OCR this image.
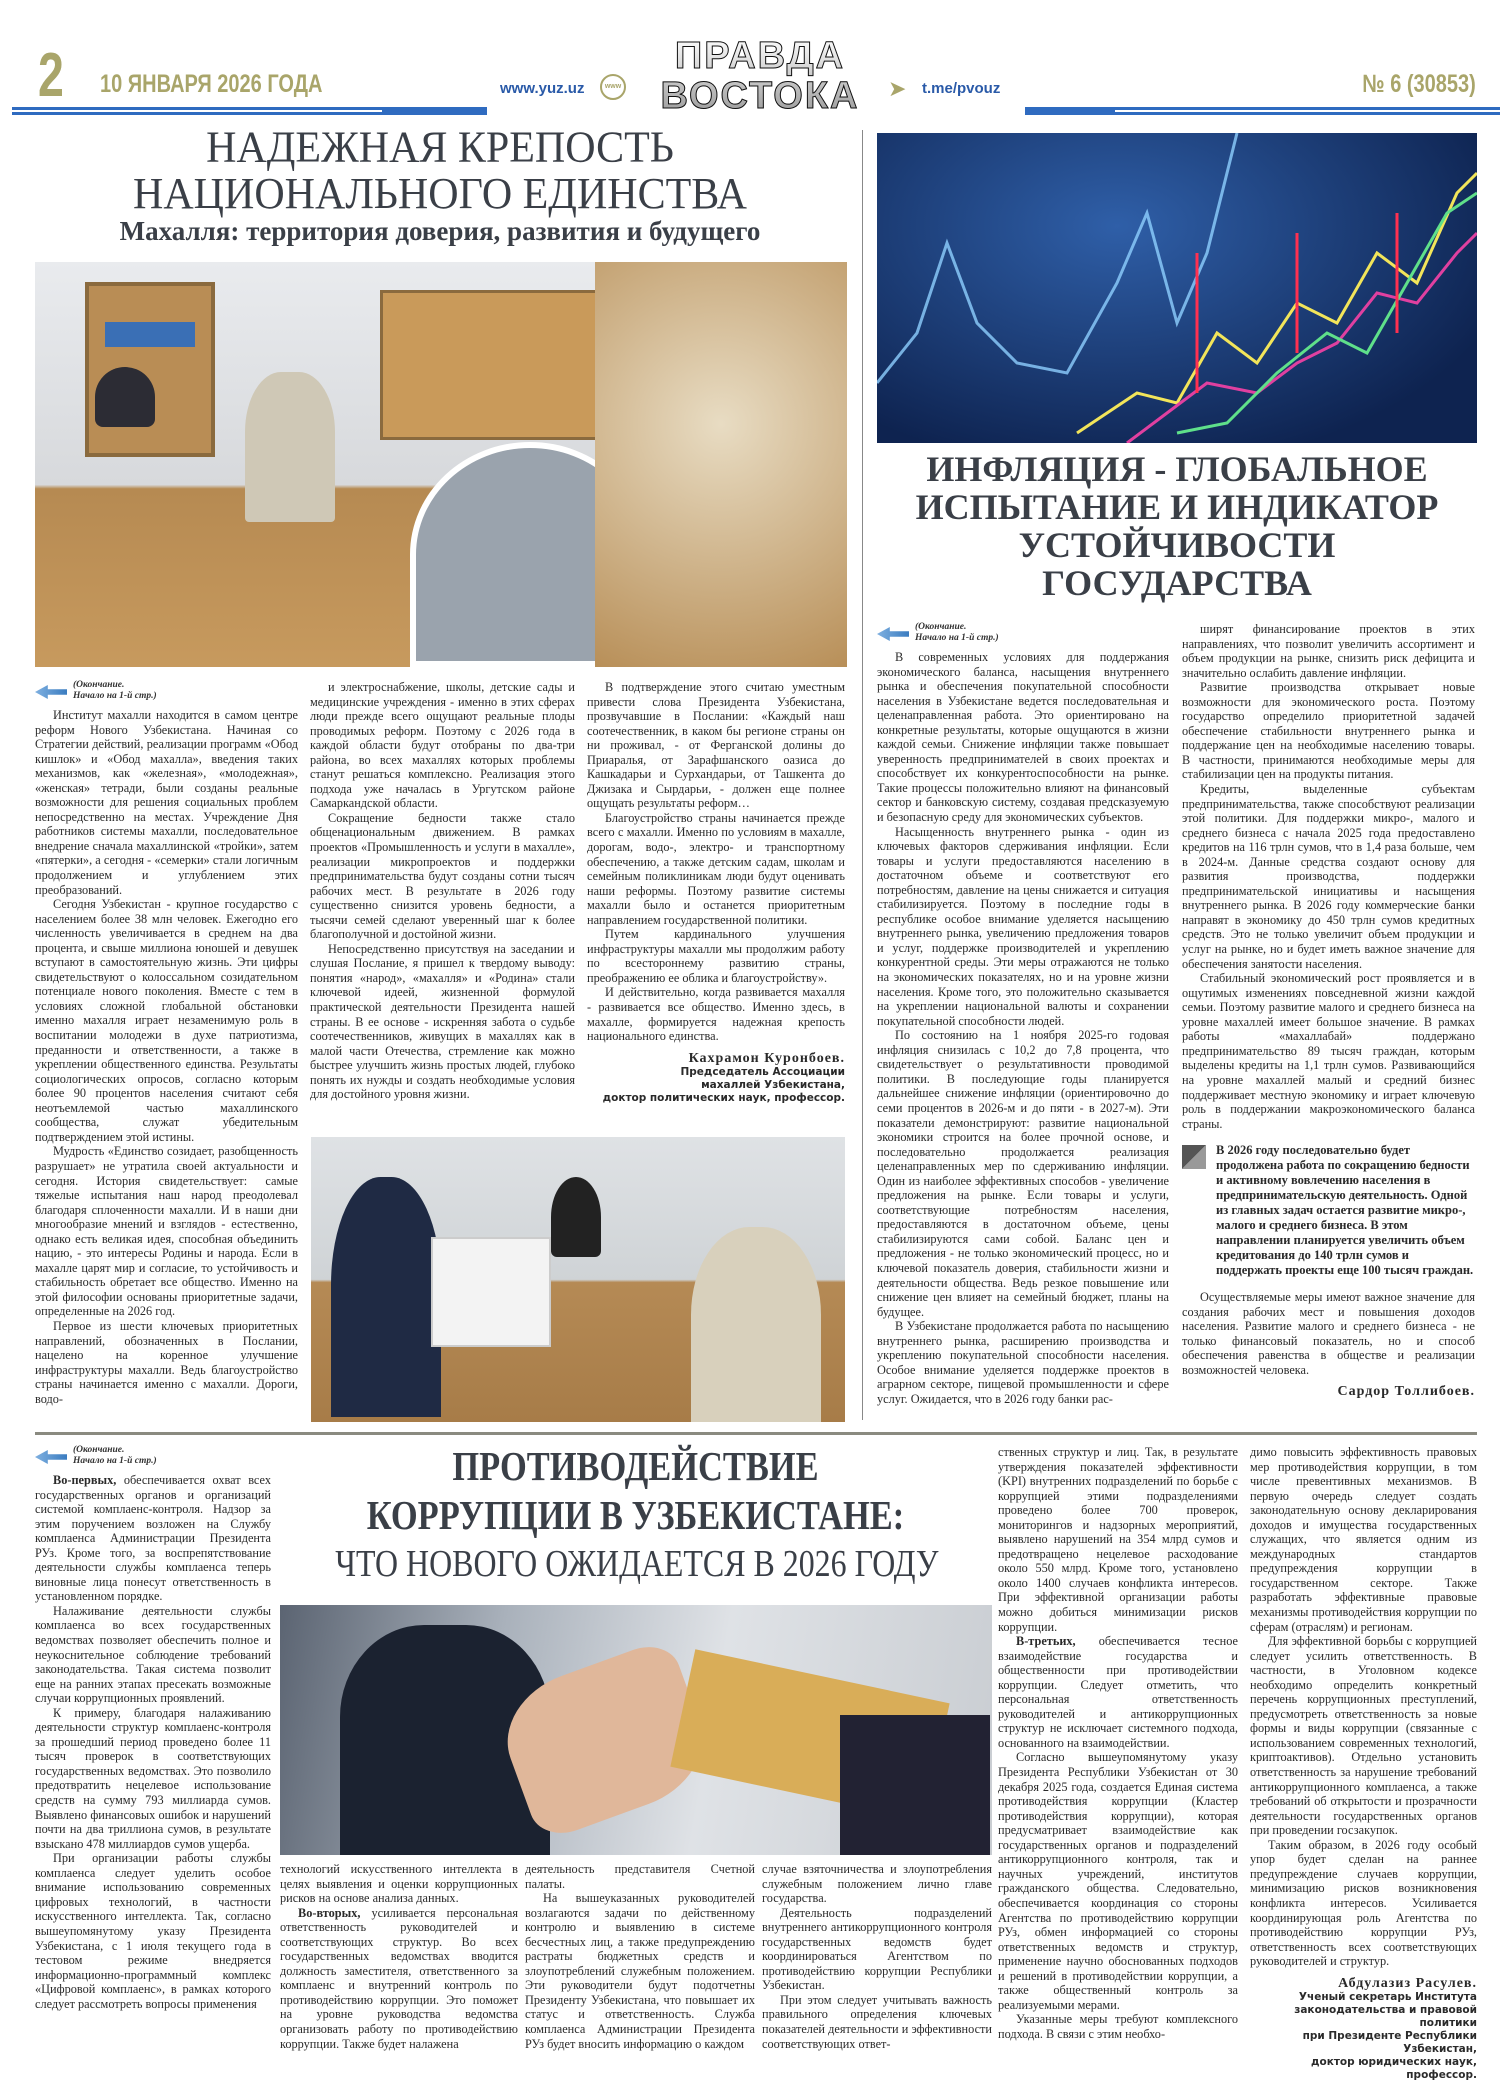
2 10 ЯНВАРЯ 2026 ГОДА	www.yuz.uz	www
ПРАВДА
ВОСТОКА ➤ t.me/pvouz	№ 6 (30853)
НАДЕЖНАЯ КРЕПОСТЬ
НАЦИОНАЛЬНОГО ЕДИНСТВА
Махалля: территория доверия, развития и будущего
(Окончание.
Начало на 1-й стр.)

Институт махалли находится в самом центре реформ Нового Узбекистана. Начиная со Стратегии действий, реализации программ «Обод кишлок» и «Обод махалла», введения таких механизмов, как «железная», «молодежная», «женская» тетради, были созданы реальные возможности для решения социальных проблем непосредственно на местах. Учреждение Дня работников системы махалли, последовательное внедрение сначала махаллинской «тройки», затем «пятерки», а сегодня - «семерки» стали логичным продолжением и углублением этих преобразований.

Сегодня Узбекистан - крупное государство с населением более 38 млн человек. Ежегодно его численность увеличивается в среднем на два процента, и свыше миллиона юношей и девушек вступают в самостоятельную жизнь. Эти цифры свидетельствуют о колоссальном созидательном потенциале нового поколения. Вместе с тем в условиях сложной глобальной обстановки именно махалля играет незаменимую роль в воспитании молодежи в духе патриотизма, преданности и ответственности, а также в укреплении общественного единства. Результаты социологических опросов, согласно которым более 90 процентов населения считают себя неотъемлемой частью махаллинского сообщества, служат убедительным подтверждением этой истины.

Мудрость «Единство созидает, разобщенность разрушает» не утратила своей актуальности и сегодня. История свидетельствует: самые тяжелые испытания наш народ преодолевал благодаря сплоченности махалли. И в наши дни многообразие мнений и взглядов - естественно, однако есть великая идея, способная объединить нацию, - это интересы Родины и народа. Если в махалле царят мир и согласие, то устойчивость и стабильность обретает все общество. Именно на этой философии основаны приоритетные задачи, определенные на 2026 год.

Первое из шести ключевых приоритетных направлений, обозначенных в Послании, нацелено на коренное улучшение инфраструктуры махалли. Ведь благоустройство страны начинается именно с махалли. Дороги, водо-

и электроснабжение, школы, детские сады и медицинские учреждения - именно в этих сферах люди прежде всего ощущают реальные плоды проводимых реформ. Поэтому с 2026 года в каждой области будут отобраны по два-три района, во всех махаллях которых проблемы станут решаться комплексно. Реализация этого подхода уже началась в Ургутском районе Самаркандской области.

Сокращение бедности также стало общенациональным движением. В рамках проектов «Промышленность и услуги в махалле», реализации микропроектов и поддержки предпринимательства будут созданы сотни тысяч рабочих мест. В результате в 2026 году существенно снизится уровень бедности, а тысячи семей сделают уверенный шаг к более благополучной и достойной жизни.

Непосредственно присутствуя на заседании и слушая Послание, я пришел к твердому выводу: понятия «народ», «махалля» и «Родина» стали ключевой идеей, жизненной формулой практической деятельности Президента нашей страны. В ее основе - искренняя забота о судьбе соотечественников, живущих в махаллях как в малой части Отечества, стремление как можно быстрее улучшить жизнь простых людей, глубоко понять их нужды и создать необходимые условия для достойного уровня жизни.

В подтверждение этого считаю уместным привести слова Президента Узбекистана, прозвучавшие в Послании: «Каждый наш соотечественник, в каком бы регионе страны он ни проживал, - от Ферганской долины до Приаралья, от Зарафшанского оазиса до Кашкадарьи и Сурхандарьи, от Ташкента до Джизака и Сырдарьи, - должен еще полнее ощущать результаты реформ…

Благоустройство страны начинается прежде всего с махалли. Именно по условиям в махалле, дорогам, водо-, электро- и транспортному обеспечению, а также детским садам, школам и семейным поликлиникам люди будут оценивать наши реформы. Поэтому развитие системы махалли было и останется приоритетным направлением государственной политики.

Путем кардинального улучшения инфраструктуры махалли мы продолжим работу по всестороннему развитию страны, преображению ее облика и благоустройству».

И действительно, когда развивается махалля - развивается все общество. Именно здесь, в махалле, формируется надежная крепость национального единства.

Кахрамон Куронбоев.
Председатель Ассоциации
махаллей Узбекистана,
доктор политических наук, профессор.
ИНФЛЯЦИЯ - ГЛОБАЛЬНОЕ
ИСПЫТАНИЕ И ИНДИКАТОР
УСТОЙЧИВОСТИ
ГОСУДАРСТВА
(Окончание.
Начало на 1-й стр.)

В современных условиях для поддержания экономического баланса, насыщения внутреннего рынка и обеспечения покупательной способности населения в Узбекистане ведется последовательная и целенаправленная работа. Это ориентировано на конкретные результаты, которые ощущаются в жизни каждой семьи. Снижение инфляции также повышает уверенность предпринимателей в своих проектах и способствует их конкурентоспособности на рынке. Такие процессы положительно влияют на финансовый сектор и банковскую систему, создавая предсказуемую и безопасную среду для экономических субъектов.

Насыщенность внутреннего рынка - один из ключевых факторов сдерживания инфляции. Если товары и услуги предоставляются населению в достаточном объеме и соответствуют его потребностям, давление на цены снижается и ситуация стабилизируется. Поэтому в последние годы в республике особое внимание уделяется насыщению внутреннего рынка, увеличению предложения товаров и услуг, поддержке производителей и укреплению конкурентной среды. Эти меры отражаются не только на экономических показателях, но и на уровне жизни населения. Кроме того, это положительно сказывается на укреплении национальной валюты и сохранении покупательной способности людей.

По состоянию на 1 ноября 2025-го годовая инфляция снизилась с 10,2 до 7,8 процента, что свидетельствует о результативности проводимой политики. В последующие годы планируется дальнейшее снижение инфляции (ориентировочно до семи процентов в 2026-м и до пяти - в 2027-м). Эти показатели демонстрируют: развитие национальной экономики строится на более прочной основе, и последовательно продолжается реализация целенаправленных мер по сдерживанию инфляции. Один из наиболее эффективных способов - увеличение предложения на рынке. Если товары и услуги, соответствующие потребностям населения, предоставляются в достаточном объеме, цены стабилизируются сами собой. Баланс цен и предложения - не только экономический процесс, но и ключевой показатель доверия, стабильности жизни и деятельности общества. Ведь резкое повышение или снижение цен влияет на семейный бюджет, планы на будущее.

В Узбекистане продолжается работа по насыщению внутреннего рынка, расширению производства и укреплению покупательной способности населения. Особое внимание уделяется поддержке проектов в аграрном секторе, пищевой промышленности и сфере услуг. Ожидается, что в 2026 году банки рас-

ширят финансирование проектов в этих направлениях, что позволит увеличить ассортимент и объем продукции на рынке, снизить риск дефицита и значительно ослабить давление инфляции.

Развитие производства открывает новые возможности для экономического роста. Поэтому государство определило приоритетной задачей обеспечение стабильности внутреннего рынка и поддержание цен на необходимые населению товары. В частности, принимаются необходимые меры для стабилизации цен на продукты питания.

Кредиты, выделенные субъектам предпринимательства, также способствуют реализации этой политики. Для поддержки микро-, малого и среднего бизнеса с начала 2025 года предоставлено кредитов на 116 трлн сумов, что в 1,4 раза больше, чем в 2024-м. Данные средства создают основу для развития производства, поддержки предпринимательской инициативы и насыщения внутреннего рынка. В 2026 году коммерческие банки направят в экономику до 450 трлн сумов кредитных средств. Это не только увеличит объем продукции и услуг на рынке, но и будет иметь важное значение для обеспечения занятости населения.

Стабильный экономический рост проявляется и в ощутимых изменениях повседневной жизни каждой семьи. Поэтому развитие малого и среднего бизнеса на уровне махаллей имеет большое значение. В рамках работы «махаллабай» поддержано предпринимательство 89 тысяч граждан, которым выделены кредиты на 1,1 трлн сумов. Развивающийся на уровне махаллей малый и средний бизнес поддерживает местную экономику и играет ключевую роль в поддержании макроэкономического баланса страны.

В 2026 году последовательно будет продолжена работа по сокращению бедности и активному вовлечению населения в предпринимательскую деятельность. Одной из главных задач остается развитие микро-, малого и среднего бизнеса. В этом направлении планируется увеличить объем кредитования до 140 трлн сумов и поддержать проекты еще 100 тысяч граждан.

Осуществляемые меры имеют важное значение для создания рабочих мест и повышения доходов населения. Развитие малого и среднего бизнеса - не только финансовый показатель, но и способ обеспечения равенства в обществе и реализации возможностей человека.

Сардор Толлибоев.
(Окончание.
Начало на 1-й стр.)

Во-первых, обеспечивается охват всех государственных органов и организаций системой комплаенс-контроля. Надзор за этим поручением возложен на Службу комплаенса Администрации Президента РУз. Кроме того, за воспрепятствование деятельности службы комплаенса теперь виновные лица понесут ответственность в установленном порядке.

Налаживание деятельности службы комплаенса во всех государственных ведомствах позволяет обеспечить полное и неукоснительное соблюдение требований законодательства. Такая система позволит еще на ранних этапах пресекать возможные случаи коррупционных проявлений.

К примеру, благодаря налаживанию деятельности структур комплаенс-контроля за прошедший период проведено более 11 тысяч проверок в соответствующих государственных ведомствах. Это позволило предотвратить нецелевое использование средств на сумму 793 миллиарда сумов. Выявлено финансовых ошибок и нарушений почти на два триллиона сумов, в результате взыскано 478 миллиардов сумов ущерба.

При организации работы службы комплаенса следует уделить особое внимание использованию современных цифровых технологий, в частности искусственного интеллекта. Так, согласно вышеупомянутому указу Президента Узбекистана, с 1 июля текущего года в тестовом режиме внедряется информационно-программный комплекс «Цифровой комплаенс», в рамках которого следует рассмотреть вопросы применения

ПРОТИВОДЕЙСТВИЕ
КОРРУПЦИИ В УЗБЕКИСТАНЕ:
ЧТО НОВОГО ОЖИДАЕТСЯ В 2026 ГОДУ

технологий искусственного интеллекта в целях выявления и оценки коррупционных рисков на основе анализа данных.

Во-вторых, усиливается персональная ответственность руководителей и соответствующих структур. Во всех государственных ведомствах вводится должность заместителя, ответственного за комплаенс и внутренний контроль по противодействию коррупции. Это поможет на уровне руководства ведомства организовать работу по противодействию коррупции. Также будет налажена

деятельность представителя Счетной палаты.

На вышеуказанных руководителей возлагаются задачи по действенному контролю и выявлению в системе бесчестных лиц, а также предупреждению растраты бюджетных средств и злоупотреблений служебным положением. Эти руководители будут подотчетны Президенту Узбекистана, что повышает их статус и ответственность. Служба комплаенса Администрации Президента РУз будет вносить информацию о каждом

случае взяточничества и злоупотребления служебным положением лично главе государства.

Деятельность подразделений внутреннего антикоррупционного контроля государственных ведомств будет координироваться Агентством по противодействию коррупции Республики Узбекистан.

При этом следует учитывать важность правильного определения ключевых показателей деятельности и эффективности соответствующих ответ-

ственных структур и лиц. Так, в результате утверждения показателей эффективности (KPI) внутренних подразделений по борьбе с коррупцией этими подразделениями проведено более 700 проверок, мониторингов и надзорных мероприятий, выявлено нарушений на 354 млрд сумов и предотвращено нецелевое расходование около 550 млрд. Кроме того, установлено около 1400 случаев конфликта интересов. При эффективной организации работы можно добиться минимизации рисков коррупции.

В-третьих, обеспечивается тесное взаимодействие государства и общественности при противодействии коррупции. Следует отметить, что персональная ответственность руководителей и антикоррупционных структур не исключает системного подхода, основанного на взаимодействии.

Согласно вышеупомянутому указу Президента Республики Узбекистан от 30 декабря 2025 года, создается Единая система противодействия коррупции (Кластер противодействия коррупции), которая предусматривает взаимодействие как государственных органов и подразделений антикоррупционного контроля, так и научных учреждений, институтов гражданского общества. Следовательно, обеспечивается координация со стороны Агентства по противодействию коррупции РУз, обмен информацией со стороны ответственных ведомств и структур, применение научно обоснованных подходов и решений в противодействии коррупции, а также общественный контроль за реализуемыми мерами.

Указанные меры требуют комплексного подхода. В связи с этим необхо-

димо повысить эффективность правовых мер противодействия коррупции, в том числе превентивных механизмов. В первую очередь следует создать законодательную основу декларирования доходов и имущества государственных служащих, что является одним из международных стандартов предупреждения коррупции в государственном секторе. Также разработать эффективные правовые механизмы противодействия коррупции по сферам (отраслям) и регионам.

Для эффективной борьбы с коррупцией следует усилить ответственность. В частности, в Уголовном кодексе необходимо определить конкретный перечень коррупционных преступлений, предусмотреть ответственность за новые формы и виды коррупции (связанные с использованием современных технологий, криптоактивов). Отдельно установить ответственность за нарушение требований антикоррупционного комплаенса, а также требований об открытости и прозрачности деятельности государственных органов при проведении госзакупок.

Таким образом, в 2026 году особый упор будет сделан на раннее предупреждение случаев коррупции, минимизацию рисков возникновения конфликта интересов. Усиливается координирующая роль Агентства по противодействию коррупции РУз, ответственность всех соответствующих руководителей и структур.

Абдулазиз Расулев.
Ученый секретарь Института
законодательства и правовой политики
при Президенте Республики Узбекистан,
доктор юридических наук, профессор.
